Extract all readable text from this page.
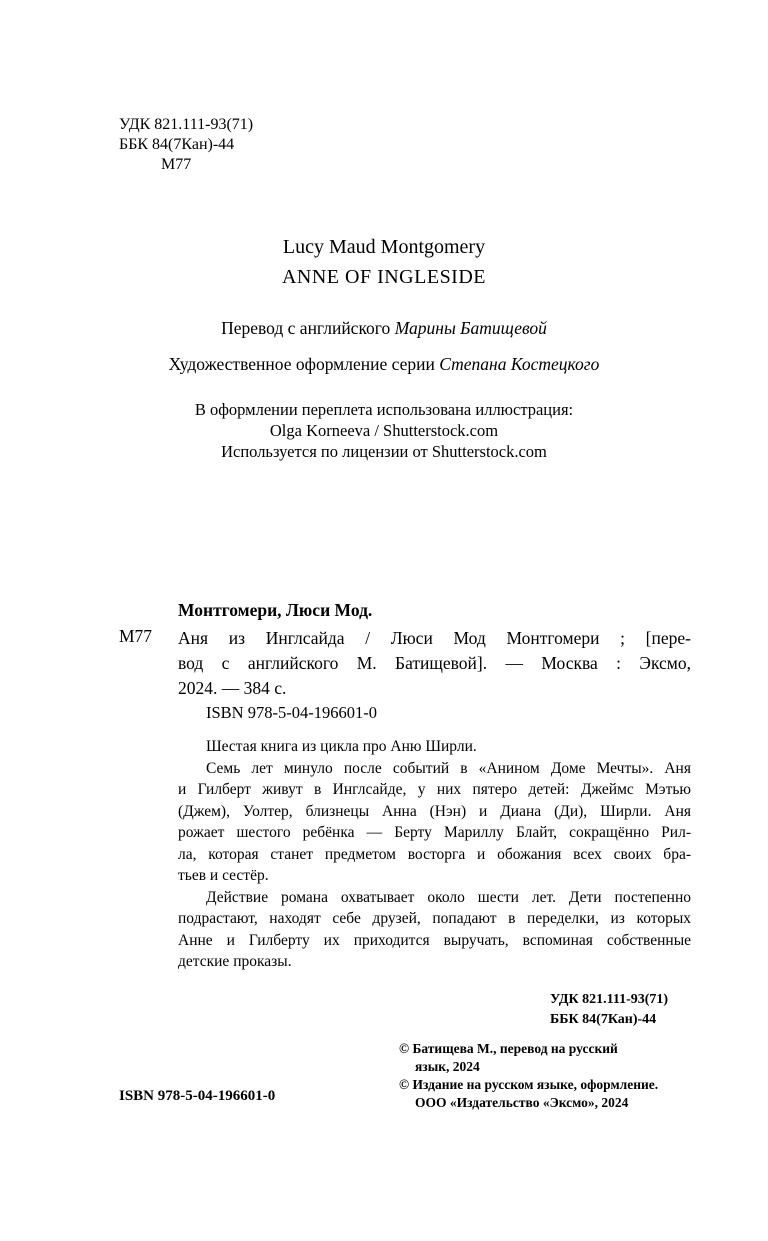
УДК 821.111-93(71)
ББК 84(7Кан)-44
М77
Lucy Maud Montgomery
ANNE OF INGLESIDE
Перевод с английского Марины Батищевой
Художественное оформление серии Степана Костецкого
В оформлении переплета использована иллюстрация:
Olga Korneeva / Shutterstock.com
Используется по лицензии от Shutterstock.com
Монтгомери, Люси Мод.
М77 Аня из Инглсайда / Люси Мод Монтгомери ; [пере-
вод с английского М. Батищевой]. — Москва : Эксмо,
2024. — 384 с.
ISBN 978-5-04-196601-0
Шестая книга из цикла про Аню Ширли.
Семь лет минуло после событий в «Анином Доме Мечты». Аня
и Гилберт живут в Инглсайде, у них пятеро детей: Джеймс Мэтью
(Джем), Уолтер, близнецы Анна (Нэн) и Диана (Ди), Ширли. Аня
рожает шестого ребёнка — Берту Мариллу Блайт, сокращённо Рил-
ла, которая станет предметом восторга и обожания всех своих бра-
тьев и сестёр.
Действие романа охватывает около шести лет. Дети постепенно
подрастают, находят себе друзей, попадают в переделки, из которых
Анне и Гилберту их приходится выручать, вспоминая собственные
детские проказы.
УДК 821.111-93(71)
ББК 84(7Кан)-44
© Батищева М., перевод на русский
язык, 2024
© Издание на русском языке, оформление.
ООО «Издательство «Эксмо», 2024
ISBN 978-5-04-196601-0
